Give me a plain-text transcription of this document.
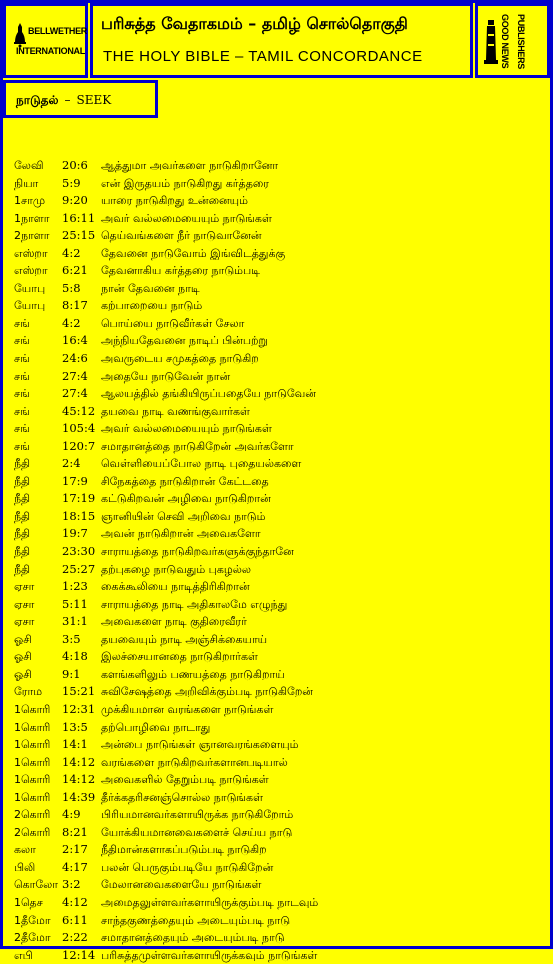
BELLWETHER
INTERNATIONAL
பரிசுத்த வேதாகமம் – தமிழ் சொல்தொகுதி
THE HOLY BIBLE – TAMIL CONCORDANCE	GOOD NEWS PUBLISHERS
நாடுதல் – SEEK
லேவி 20:6 ஆத்துமா அவர்களை நாடுகிறானோ
நியா 5:9 என் இருதயம் நாடுகிறது கர்த்தரை
1சாமு 9:20 யாரை நாடுகிறது உன்னையும்
1நாளா 16:11 அவர் வல்லமையையும் நாடுங்கள்
2நாளா 25:15 தெய்வங்களை நீர் நாடுவானேன்
எஸ்றா 4:2 தேவனை நாடுவோம் இங்விடத்துக்கு
எஸ்றா 6:21 தேவனாகிய கர்த்தரை நாடும்படி
யோபு 5:8 நான் தேவனை நாடி
யோபு 8:17 கற்பாறையை நாடும்
சங்	4:2 பொய்யை நாடுவீர்கள் சேலா
சங்	16:4 அந்நியதேவனை நாடிப் பின்பற்று
சங்	24:6 அவருடைய சமுகத்தை நாடுகிற
சங்	27:4 அதையே நாடுவேன் நான்
சங்	27:4 ஆலயத்தில் தங்கியிருப்பதையே நாடுவேன்
சங்	45:12 தயவை நாடி வணங்குவார்கள்
சங்	105:4 அவர் வல்லமையையும் நாடுங்கள்
சங்	120:7 சமாதானத்தை நாடுகிறேன் அவர்களோ
நீதி	2:4 வெள்ளியைப்போல நாடி புதையல்களை
நீதி	17:9 சிநேகத்தை நாடுகிறான் கேட்டதை
நீதி	17:19 கட்டுகிறவன் அழிவை நாடுகிறான்
நீதி	18:15 ஞானியின் செவி அறிவை நாடும்
நீதி	19:7 அவன் நாடுகிறான் அவைகளோ
நீதி	23:30 சாராயத்தை நாடுகிறவர்களுக்குந்தானே
நீதி	25:27 தற்புகழை நாடுவதும் புகழல்ல
ஏசா 1:23 கைக்கூலியை நாடித்திரிகிறான்
ஏசா 5:11 சாராயத்தை நாடி அதிகாலமே எழுந்து
ஏசா 31:1 அவைகளை நாடி குதிரைவீரர்
ஓசி	3:5 தயவையும் நாடி அஞ்சிக்கையாய்
ஓசி	4:18 இலச்சையானதை நாடுகிறார்கள்
ஓசி	9:1 களங்களிலும் பணயத்தை நாடுகிறாய்
ரோம 15:21 சுவிசேஷத்தை அறிவிக்கும்படி நாடுகிறேன்
1கொரி 12:31 முக்கியமான வரங்களை நாடுங்கள்
1கொரி 13:5 தற்பொழிவை நாடாது
1கொரி 14:1 அன்பை நாடுங்கள் ஞானவரங்களையும்
1கொரி 14:12 வரங்களை நாடுகிறவர்களானபடியால்
1கொரி 14:12 அவைகளில் தேறும்படி நாடுங்கள்
1கொரி 14:39 தீர்க்கதரிசனஞ்சொல்ல நாடுங்கள்
2கொரி 4:9 பிரியமானவர்களாயிருக்க நாடுகிறோம்
2கொரி 8:21 யோக்கியமானவைகளைச் செய்ய நாடு
கலா 2:17 நீதிமான்களாகப்படும்படி நாடுகிற
பிலி 4:17 பலன் பெருகும்படியே நாடுகிறேன்
கொலோ 3:2 மேலானவைகளையே நாடுங்கள்
1தெச 4:12 அமைதலுள்ளவர்களாயிருக்கும்படி நாடவும்
1தீமோ 6:11 சாந்தகுணத்தையும் அடையும்படி நாடு
2தீமோ 2:22 சமாதானத்தையும் அடையும்படி நாடு
எபி	12:14 பரிசுத்தமுள்ளவர்களாயிருக்கவும் நாடுங்கள்
